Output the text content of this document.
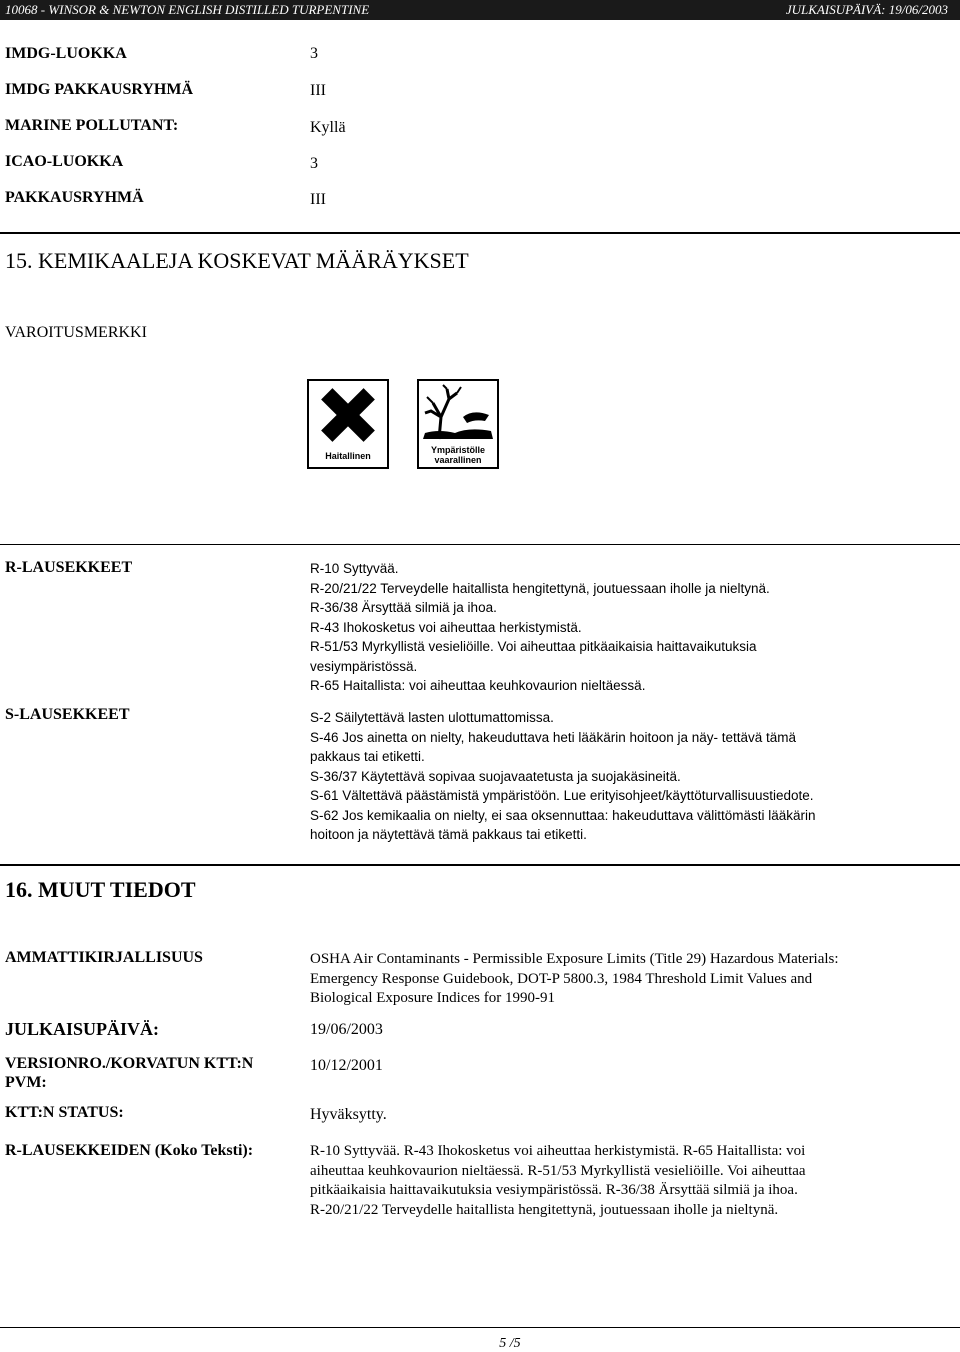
10068 - WINSOR & NEWTON ENGLISH DISTILLED TURPENTINE	JULKAISUPÄIVÄ: 19/06/2003
IMDG-LUOKKA	3
IMDG PAKKAUSRYHMÄ	III
MARINE POLLUTANT:	Kyllä
ICAO-LUOKKA	3
PAKKAUSRYHMÄ	III
15. KEMIKAALEJA KOSKEVAT MÄÄRÄYKSET
VAROITUSMERKKI
Haitallinen
Ympäristölle
vaarallinen
R-LAUSEKKEET	R-10 Syttyvää.
R-20/21/22 Terveydelle haitallista hengitettynä, joutuessaan iholle ja nieltynä.
R-36/38 Ärsyttää silmiä ja ihoa.
R-43 Ihokosketus voi aiheuttaa herkistymistä.
R-51/53 Myrkyllistä vesieliöille. Voi aiheuttaa pitkäaikaisia haittavaikutuksia
vesiympäristössä.
R-65 Haitallista: voi aiheuttaa keuhkovaurion nieltäessä.
S-LAUSEKKEET	S-2 Säilytettävä lasten ulottumattomissa.
S-46 Jos ainetta on nielty, hakeuduttava heti lääkärin hoitoon ja näy- tettävä tämä
pakkaus tai etiketti.
S-36/37 Käytettävä sopivaa suojavaatetusta ja suojakäsineitä.
S-61 Vältettävä päästämistä ympäristöön. Lue erityisohjeet/käyttöturvallisuustiedote.
S-62 Jos kemikaalia on nielty, ei saa oksennuttaa: hakeuduttava välittömästi lääkärin
hoitoon ja näytettävä tämä pakkaus tai etiketti.
16. MUUT TIEDOT
AMMATTIKIRJALLISUUS	OSHA Air Contaminants - Permissible Exposure Limits (Title 29) Hazardous Materials:
Emergency Response Guidebook, DOT-P 5800.3, 1984 Threshold Limit Values and
Biological Exposure Indices for 1990-91
JULKAISUPÄIVÄ:	19/06/2003
VERSIONRO./KORVATUN KTT:N
PVM:
10/12/2001
KTT:N STATUS:	Hyväksytty.
R-LAUSEKKEIDEN (Koko Teksti):	R-10 Syttyvää. R-43 Ihokosketus voi aiheuttaa herkistymistä. R-65 Haitallista: voi
aiheuttaa keuhkovaurion nieltäessä. R-51/53 Myrkyllistä vesieliöille. Voi aiheuttaa
pitkäaikaisia haittavaikutuksia vesiympäristössä. R-36/38 Ärsyttää silmiä ja ihoa.
R-20/21/22 Terveydelle haitallista hengitettynä, joutuessaan iholle ja nieltynä.
5 /5
